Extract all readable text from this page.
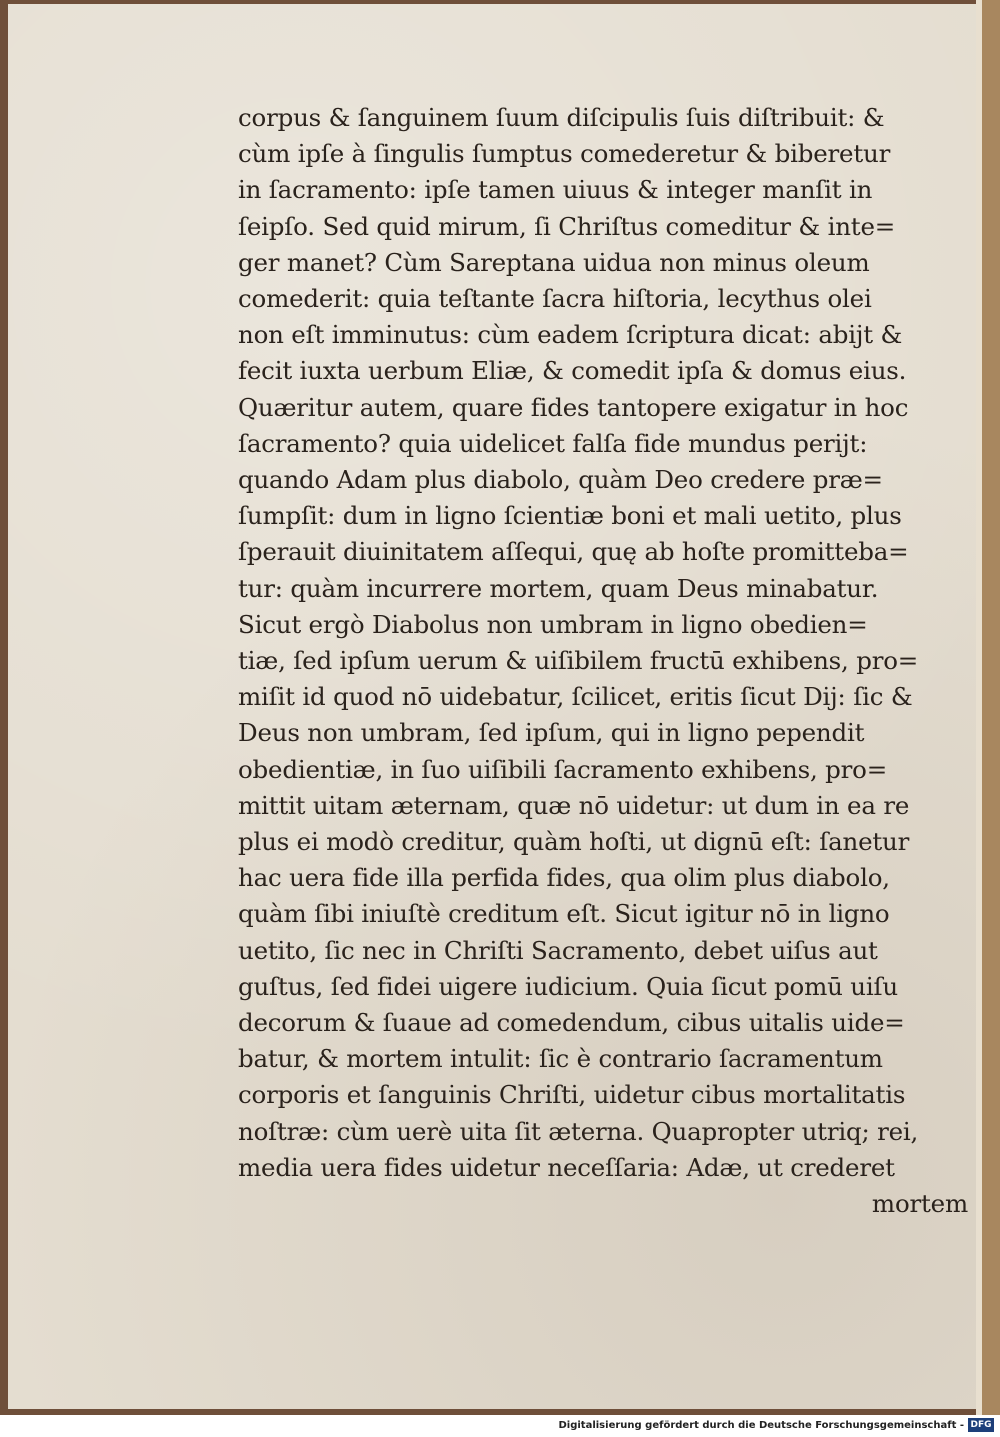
corpus & ſanguinem ſuum diſcipulis ſuis diſtribuit: &
cùm ipſe à ſingulis ſumptus comederetur & biberetur
in ſacramento: ipſe tamen uiuus & integer manſit in
ſeipſo. Sed quid mirum, ſi Chriſtus comeditur & inte=
ger manet? Cùm Sareptana uidua non minus oleum
comederit: quia teſtante ſacra hiſtoria, lecythus olei
non eſt imminutus: cùm eadem ſcriptura dicat: abijt &
fecit iuxta uerbum Eliæ, & comedit ipſa & domus eius.
Quæritur autem, quare fides tantopere exigatur in hoc
ſacramento? quia uidelicet falſa fide mundus perijt:
quando Adam plus diabolo, quàm Deo credere præ=
ſumpſit: dum in ligno ſcientiæ boni et mali uetito, plus
ſperauit diuinitatem aſſequi, quę ab hoſte promitteba=
tur: quàm incurrere mortem, quam Deus minabatur.
Sicut ergò Diabolus non umbram in ligno obedien=
tiæ, ſed ipſum uerum & uiſibilem fructū exhibens, pro=
miſit id quod nō uidebatur, ſcilicet, eritis ſicut Dij: ſic &
Deus non umbram, ſed ipſum, qui in ligno pependit
obedientiæ, in ſuo uiſibili ſacramento exhibens, pro=
mittit uitam æternam, quæ nō uidetur: ut dum in ea re
plus ei modò creditur, quàm hoſti, ut dignū eſt: ſanetur
hac uera fide illa perfida fides, qua olim plus diabolo,
quàm ſibi iniuſtè creditum eſt. Sicut igitur nō in ligno
uetito, ſic nec in Chriſti Sacramento, debet uiſus aut
guſtus, ſed fidei uigere iudicium. Quia ſicut pomū uiſu
decorum & ſuaue ad comedendum, cibus uitalis uide=
batur, & mortem intulit: ſic è contrario ſacramentum
corporis et ſanguinis Chriſti, uidetur cibus mortalitatis
noſtræ: cùm uerè uita ſit æterna. Quapropter utriq; rei,
media uera fides uidetur neceſſaria: Adæ, ut crederet
mortem
Digitalisierung gefördert durch die Deutsche Forschungsgemeinschaft - DFG
